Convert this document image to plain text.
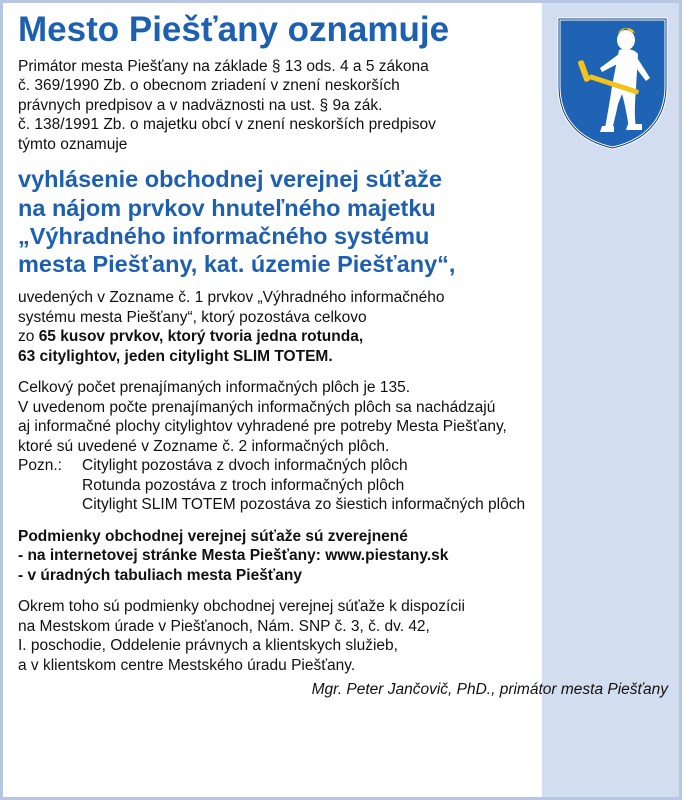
Mesto Piešťany oznamuje
Primátor mesta Piešťany na základe § 13 ods. 4 a 5 zákona
č. 369/1990 Zb. o obecnom zriadení v znení neskorších
právnych predpisov a v nadväznosti na ust. § 9a zák.
č. 138/1991 Zb. o majetku obcí v znení neskorších predpisov
týmto oznamuje
vyhlásenie obchodnej verejnej súťaže
na nájom prvkov hnuteľného majetku
„Výhradného informačného systému
mesta Piešťany, kat. územie Piešťany“,
uvedených v Zozname č. 1 prvkov „Výhradného informačného
systému mesta Piešťany“, ktorý pozostáva celkovo
zo 65 kusov prvkov, ktorý tvoria jedna rotunda,
63 citylightov, jeden citylight SLIM TOTEM.
Celkový počet prenajímaných informačných plôch je 135.
V uvedenom počte prenajímaných informačných plôch sa nachádzajú
aj informačné plochy citylightov vyhradené pre potreby Mesta Piešťany,
ktoré sú uvedené v Zozname č. 2 informačných plôch.
Pozn.:	Citylight pozostáva z dvoch informačných plôch
Rotunda pozostáva z troch informačných plôch
Citylight SLIM TOTEM pozostáva zo šiestich informačných plôch
Podmienky obchodnej verejnej súťaže sú zverejnené
- na internetovej stránke Mesta Piešťany: www.piestany.sk
- v úradných tabuliach mesta Piešťany
Okrem toho sú podmienky obchodnej verejnej súťaže k dispozícii
na Mestskom úrade v Piešťanoch, Nám. SNP č. 3, č. dv. 42,
I. poschodie, Oddelenie právnych a klientskych služieb,
a v klientskom centre Mestského úradu Piešťany.
Mgr. Peter Jančovič, PhD., primátor mesta Piešťany
